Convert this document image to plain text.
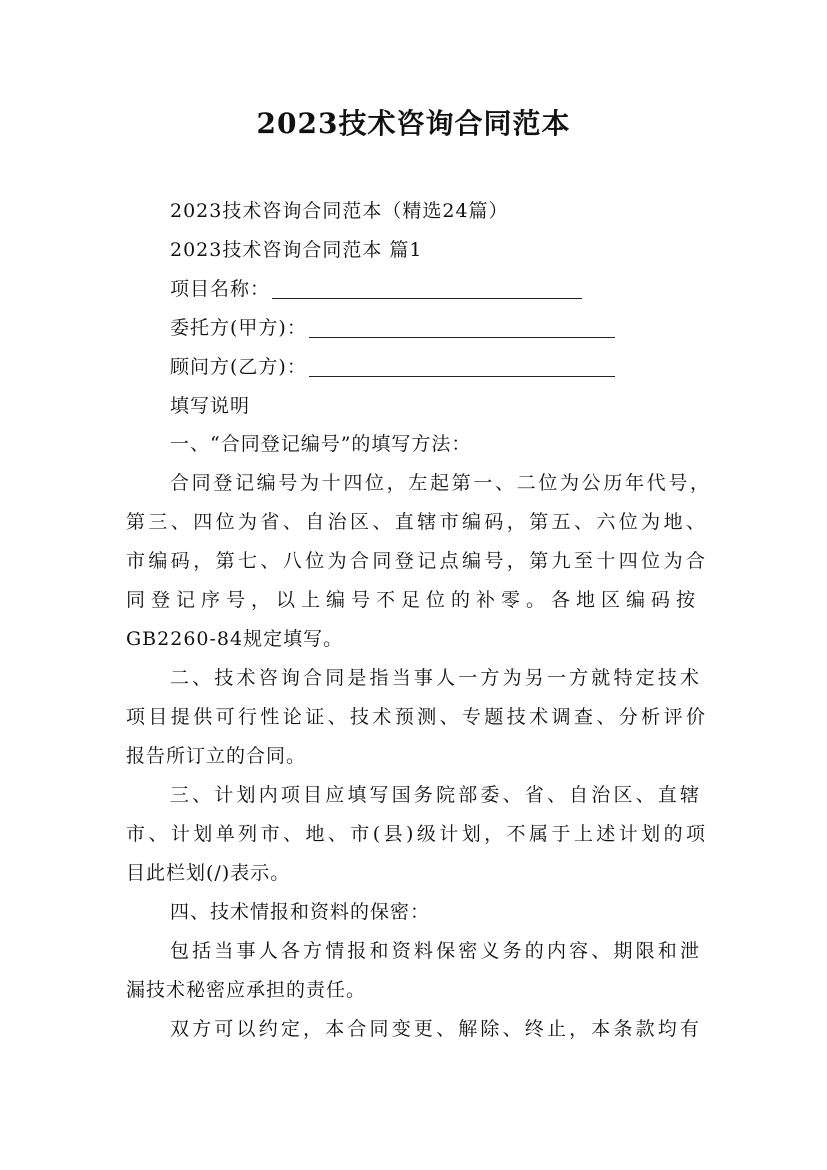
2023技术咨询合同范本
2023技术咨询合同范本（精选24篇）
2023技术咨询合同范本 篇1
项目名称：
委托方(甲方)：
顾问方(乙方)：
填写说明
一、“合同登记编号”的填写方法：
合同登记编号为十四位，左起第一、二位为公历年代号，
第三、四位为省、自治区、直辖市编码，第五、六位为地、
市编码，第七、八位为合同登记点编号，第九至十四位为合
同登记序号，以上编号不足位的补零。各地区编码按
GB2260-84规定填写。
二、技术咨询合同是指当事人一方为另一方就特定技术
项目提供可行性论证、技术预测、专题技术调查、分析评价
报告所订立的合同。
三、计划内项目应填写国务院部委、省、自治区、直辖
市、计划单列市、地、市(县)级计划，不属于上述计划的项
目此栏划(/)表示。
四、技术情报和资料的保密：
包括当事人各方情报和资料保密义务的内容、期限和泄
漏技术秘密应承担的责任。
双方可以约定，本合同变更、解除、终止，本条款均有
